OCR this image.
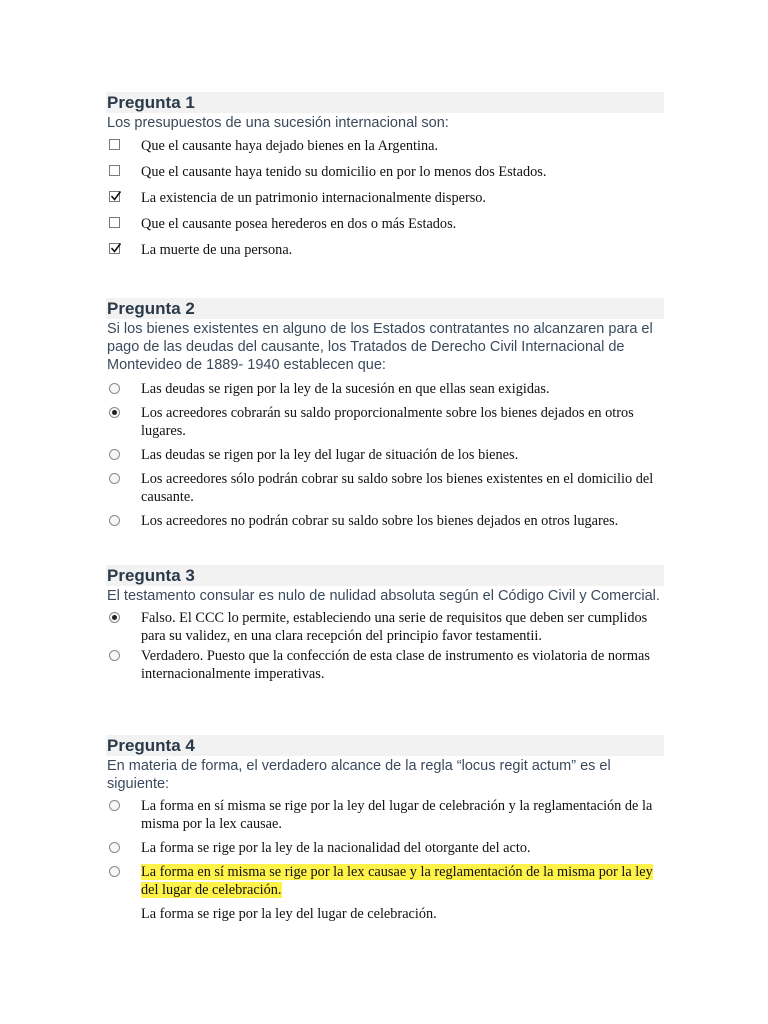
Pregunta 1
Los presupuestos de una sucesión internacional son:
Que el causante haya dejado bienes en la Argentina.
Que el causante haya tenido su domicilio en por lo menos dos Estados.
La existencia de un patrimonio internacionalmente disperso.
Que el causante posea herederos en dos o más Estados.
La muerte de una persona.
Pregunta 2
Si los bienes existentes en alguno de los Estados contratantes no alcanzaren para el pago de las deudas del causante, los Tratados de Derecho Civil Internacional de Montevideo de 1889- 1940 establecen que:
Las deudas se rigen por la ley de la sucesión en que ellas sean exigidas.
Los acreedores cobrarán su saldo proporcionalmente sobre los bienes dejados en otros lugares.
Las deudas se rigen por la ley del lugar de situación de los bienes.
Los acreedores sólo podrán cobrar su saldo sobre los bienes existentes en el domicilio del causante.
Los acreedores no podrán cobrar su saldo sobre los bienes dejados en otros lugares.
Pregunta 3
El testamento consular es nulo de nulidad absoluta según el Código Civil y Comercial.
Falso. El CCC lo permite, estableciendo una serie de requisitos que deben ser cumplidos para su validez, en una clara recepción del principio favor testamentii.
Verdadero. Puesto que la confección de esta clase de instrumento es violatoria de normas internacionalmente imperativas.
Pregunta 4
En materia de forma, el verdadero alcance de la regla “locus regit actum” es el siguiente:
La forma en sí misma se rige por la ley del lugar de celebración y la reglamentación de la misma por la lex causae.
La forma se rige por la ley de la nacionalidad del otorgante del acto.
La forma en sí misma se rige por la lex causae y la reglamentación de la misma por la ley del lugar de celebración.
La forma se rige por la ley del lugar de celebración.
